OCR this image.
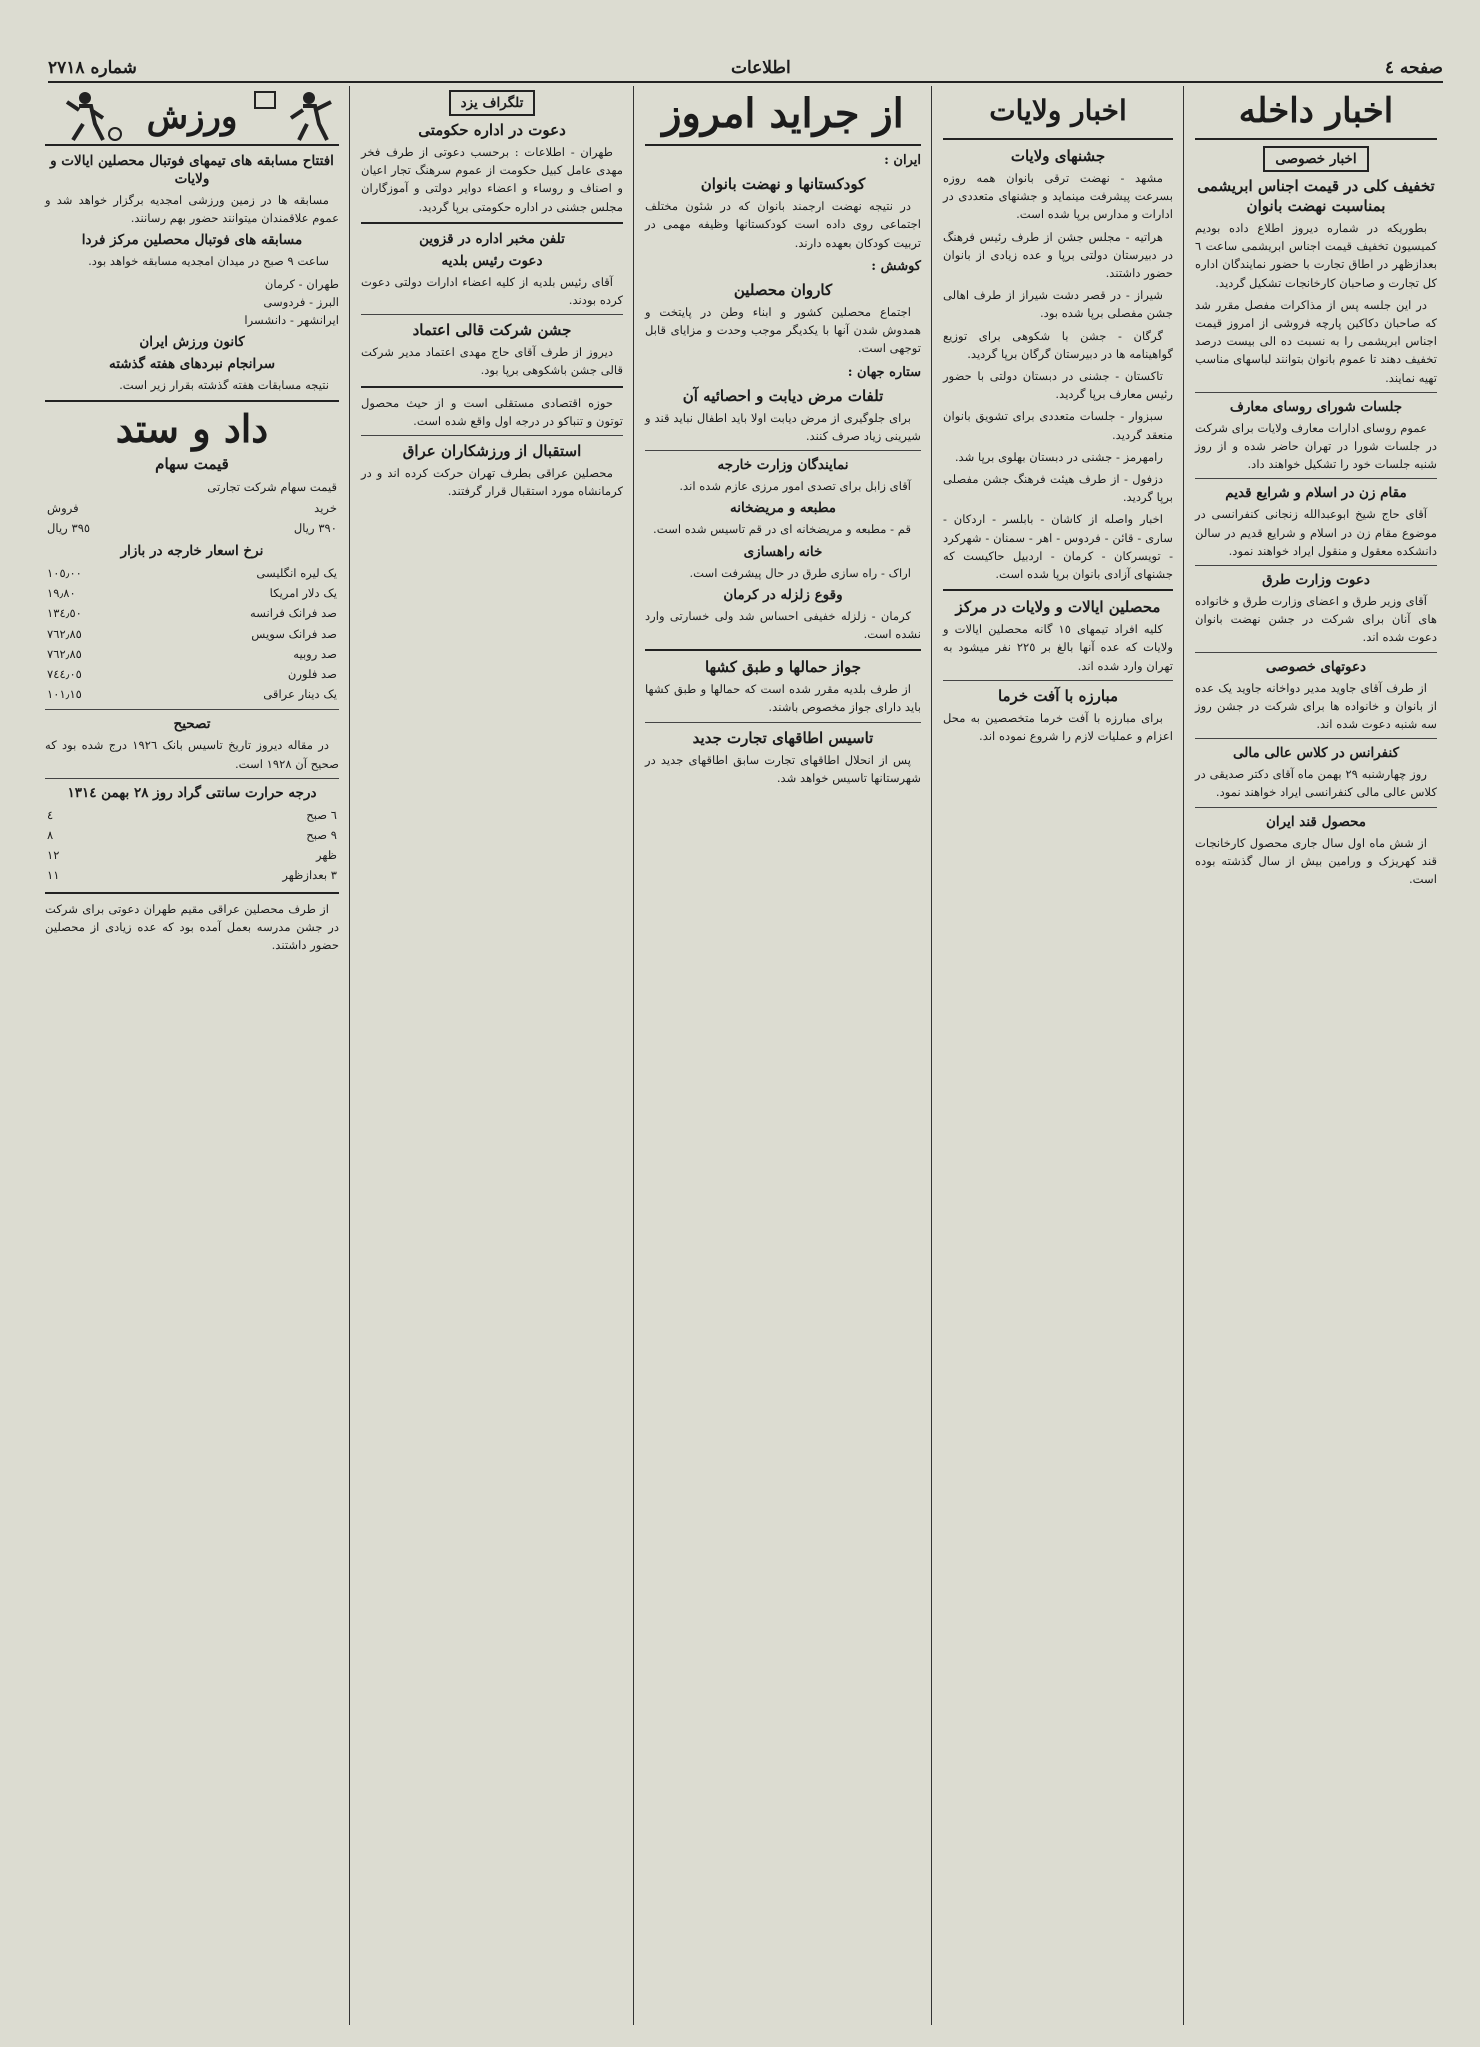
صفحه ٤
اطلاعات
شماره ٢٧١٨
اخبار داخله
اخبار خصوصی
تخفیف کلی در قیمت اجناس ابریشمی بمناسبت نهضت بانوان

بطوریکه در شماره دیروز اطلاع داده بودیم کمیسیون تخفیف قیمت اجناس ابریشمی ساعت ٦ بعدازظهر در اطاق تجارت با حضور نمایندگان اداره کل تجارت و صاحبان کارخانجات تشکیل گردید.

در این جلسه پس از مذاکرات مفصل مقرر شد که صاحبان دکاکین پارچه فروشی از امروز قیمت اجناس ابریشمی را به نسبت ده الی بیست درصد تخفیف دهند تا عموم بانوان بتوانند لباسهای مناسب تهیه نمایند.

جلسات شورای روسای معارف

عموم روسای ادارات معارف ولایات برای شرکت در جلسات شورا در تهران حاضر شده و از روز شنبه جلسات خود را تشکیل خواهند داد.

مقام زن در اسلام و شرایع قدیم

آقای حاج شیخ ابوعبدالله زنجانی کنفرانسی در موضوع مقام زن در اسلام و شرایع قدیم در سالن دانشکده معقول و منقول ایراد خواهند نمود.

دعوت وزارت طرق

آقای وزیر طرق و اعضای وزارت طرق و خانواده های آنان برای شرکت در جشن نهضت بانوان دعوت شده اند.

دعوتهای خصوصی

از طرف آقای جاوید مدیر دواخانه جاوید یک عده از بانوان و خانواده ها برای شرکت در جشن روز سه شنبه دعوت شده اند.

کنفرانس در کلاس عالی مالی

روز چهارشنبه ٢٩ بهمن ماه آقای دکتر صدیقی در کلاس عالی مالی کنفرانسی ایراد خواهند نمود.

محصول قند ایران

از شش ماه اول سال جاری محصول کارخانجات قند کهریزک و ورامین بیش از سال گذشته بوده است.

اخبار ولایات
جشنهای ولایات

مشهد - نهضت ترقی بانوان همه روزه بسرعت پیشرفت مینماید و جشنهای متعددی در ادارات و مدارس برپا شده است.

هراتیه - مجلس جشن از طرف رئیس فرهنگ در دبیرستان دولتی برپا و عده زیادی از بانوان حضور داشتند.

شیراز - در قصر دشت شیراز از طرف اهالی جشن مفصلی برپا شده بود.

گرگان - جشن با شکوهی برای توزیع گواهینامه ها در دبیرستان گرگان برپا گردید.

تاکستان - جشنی در دبستان دولتی با حضور رئیس معارف برپا گردید.

سبزوار - جلسات متعددی برای تشویق بانوان منعقد گردید.

رامهرمز - جشنی در دبستان بهلوی برپا شد.

دزفول - از طرف هیئت فرهنگ جشن مفصلی برپا گردید.

اخبار واصله از کاشان - بابلسر - اردکان - ساری - قائن - فردوس - اهر - سمنان - شهرکرد - تویسرکان - کرمان - اردبیل حاکیست که جشنهای آزادی بانوان برپا شده است.

محصلین ایالات و ولایات در مرکز

کلیه افراد تیمهای ١٥ گانه محصلین ایالات و ولایات که عده آنها بالغ بر ٢٢٥ نفر میشود به تهران وارد شده اند.

مبارزه با آفت خرما

برای مبارزه با آفت خرما متخصصین به محل اعزام و عملیات لازم را شروع نموده اند.

از جراید امروز
ایران :
کودکستانها و نهضت بانوان

در نتیجه نهضت ارجمند بانوان که در شئون مختلف اجتماعی روی داده است کودکستانها وظیفه مهمی در تربیت کودکان بعهده دارند.

کوشش :
کاروان محصلین

اجتماع محصلین کشور و ابناء وطن در پایتخت و همدوش شدن آنها با یکدیگر موجب وحدت و مزایای قابل توجهی است.

ستاره جهان :
تلفات مرض دیابت و احصائیه آن

برای جلوگیری از مرض دیابت اولا باید اطفال نباید قند و شیرینی زیاد صرف کنند.

نمایندگان وزارت خارجه

آقای زابل برای تصدی امور مرزی عازم شده اند.

مطبعه و مریضخانه

قم - مطبعه و مریضخانه ای در قم تاسیس شده است.

خانه راهسازی

اراک - راه سازی طرق در حال پیشرفت است.

وقوع زلزله در کرمان

کرمان - زلزله خفیفی احساس شد ولی خسارتی وارد نشده است.

جواز حمالها و طبق کشها

از طرف بلدیه مقرر شده است که حمالها و طبق کشها باید دارای جواز مخصوص باشند.

تاسیس اطاقهای تجارت جدید

پس از انحلال اطاقهای تجارت سابق اطاقهای جدید در شهرستانها تاسیس خواهد شد.

تلگراف یزد
دعوت در اداره حکومتی

طهران - اطلاعات : برحسب دعوتی از طرف فخر مهدی عامل کبیل حکومت از عموم سرهنگ تجار اعیان و اصناف و روساء و اعضاء دوایر دولتی و آموزگاران مجلس جشنی در اداره حکومتی برپا گردید.

تلفن مخبر اداره در قزوین
دعوت رئیس بلدیه

آقای رئیس بلدیه از کلیه اعضاء ادارات دولتی دعوت کرده بودند.

جشن شرکت قالی اعتماد

دیروز از طرف آقای حاج مهدی اعتماد مدیر شرکت قالی جشن باشکوهی برپا بود.

حوزه اقتصادی مستقلی است و از حیث محصول توتون و تنباکو در درجه اول واقع شده است.

استقبال از ورزشکاران عراق

محصلین عراقی بطرف تهران حرکت کرده اند و در کرمانشاه مورد استقبال قرار گرفتند.

ورزش
افتتاح مسابقه های تیمهای فوتبال محصلین ایالات و ولایات

مسابقه ها در زمین ورزشی امجدیه برگزار خواهد شد و عموم علاقمندان میتوانند حضور بهم رسانند.

مسابقه های فوتبال محصلین مرکز فردا

ساعت ٩ صبح در میدان امجدیه مسابقه خواهد بود.

طهران - کرمان
البرز - فردوسی
ایرانشهر - دانشسرا
کانون ورزش ایران
سرانجام نبردهای هفته گذشته

نتیجه مسابقات هفته گذشته بقرار زیر است.

داد و ستد
قیمت سهام
قیمت سهام شرکت تجارتی	
خرید	فروش
٣٩٠ ریال	٣٩٥ ریال
نرخ اسعار خارجه در بازار
یک لیره انگلیسی	١٠٥٫٠٠
یک دلار امریکا	١٩٫٨٠
صد فرانک فرانسه	١٣٤٫٥٠
صد فرانک سویس	٧٦٢٫٨٥
صد روبیه	٧٦٢٫٨٥
صد فلورن	٧٤٤٫٠٥
یک دینار عراقی	١٠١٫١٥
تصحیح

در مقاله دیروز تاریخ تاسیس بانک ١٩٢٦ درج شده بود که صحیح آن ١٩٢٨ است.

درجه حرارت سانتی گراد روز ٢٨ بهمن ١٣١٤
٦ صبح	٤
٩ صبح	٨
ظهر	١٢
٣ بعدازظهر	١١

از طرف محصلین عراقی مقیم طهران دعوتی برای شرکت در جشن مدرسه بعمل آمده بود که عده زیادی از محصلین حضور داشتند.
